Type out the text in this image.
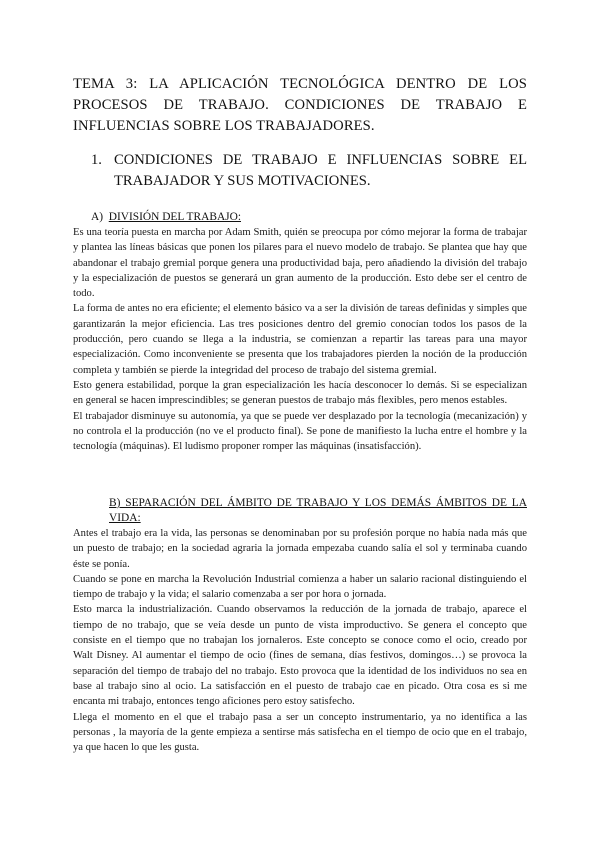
TEMA 3: LA APLICACIÓN TECNOLÓGICA DENTRO DE LOS
PROCESOS DE TRABAJO. CONDICIONES DE TRABAJO E
INFLUENCIAS SOBRE LOS TRABAJADORES.
1. CONDICIONES DE TRABAJO E INFLUENCIAS SOBRE EL
TRABAJADOR Y SUS MOTIVACIONES.
A) DIVISIÓN DEL TRABAJO:

Es una teoría puesta en marcha por Adam Smith, quién se preocupa por cómo mejorar la forma de trabajar y plantea las líneas básicas que ponen los pilares para el nuevo modelo de trabajo. Se plantea que hay que abandonar el trabajo gremial porque genera una productividad baja, pero añadiendo la división del trabajo y la especialización de puestos se generará un gran aumento de la producción. Esto debe ser el centro de todo.

La forma de antes no era eficiente; el elemento básico va a ser la división de tareas definidas y simples que garantizarán la mejor eficiencia. Las tres posiciones dentro del gremio conocían todos los pasos de la producción, pero cuando se llega a la industria, se comienzan a repartir las tareas para una mayor especialización. Como inconveniente se presenta que los trabajadores pierden la noción de la producción completa y también se pierde la integridad del proceso de trabajo del sistema gremial.

Esto genera estabilidad, porque la gran especialización les hacía desconocer lo demás. Si se especializan en general se hacen imprescindibles; se generan puestos de trabajo más flexibles, pero menos estables.

El trabajador disminuye su autonomía, ya que se puede ver desplazado por la tecnología (mecanización) y no controla el la producción (no ve el producto final). Se pone de manifiesto la lucha entre el hombre y la tecnología (máquinas). El ludismo proponer romper las máquinas (insatisfacción).

B) SEPARACIÓN DEL ÁMBITO DE TRABAJO Y LOS DEMÁS ÁMBITOS DE LA
VIDA:

Antes el trabajo era la vida, las personas se denominaban por su profesión porque no había nada más que un puesto de trabajo; en la sociedad agraria la jornada empezaba cuando salía el sol y terminaba cuando éste se ponía.

Cuando se pone en marcha la Revolución Industrial comienza a haber un salario racional distinguiendo el tiempo de trabajo y la vida; el salario comenzaba a ser por hora o jornada.

Esto marca la industrialización. Cuando observamos la reducción de la jornada de trabajo, aparece el tiempo de no trabajo, que se veía desde un punto de vista improductivo. Se genera el concepto que consiste en el tiempo que no trabajan los jornaleros. Este concepto se conoce como el ocio, creado por Walt Disney. Al aumentar el tiempo de ocio (fines de semana, días festivos, domingos…) se provoca la separación del tiempo de trabajo del no trabajo. Esto provoca que la identidad de los individuos no sea en base al trabajo sino al ocio. La satisfacción en el puesto de trabajo cae en picado. Otra cosa es si me encanta mi trabajo, entonces tengo aficiones pero estoy satisfecho.

Llega el momento en el que el trabajo pasa a ser un concepto instrumentario, ya no identifica a las personas , la mayoría de la gente empieza a sentirse más satisfecha en el tiempo de ocio que en el trabajo, ya que hacen lo que les gusta.
